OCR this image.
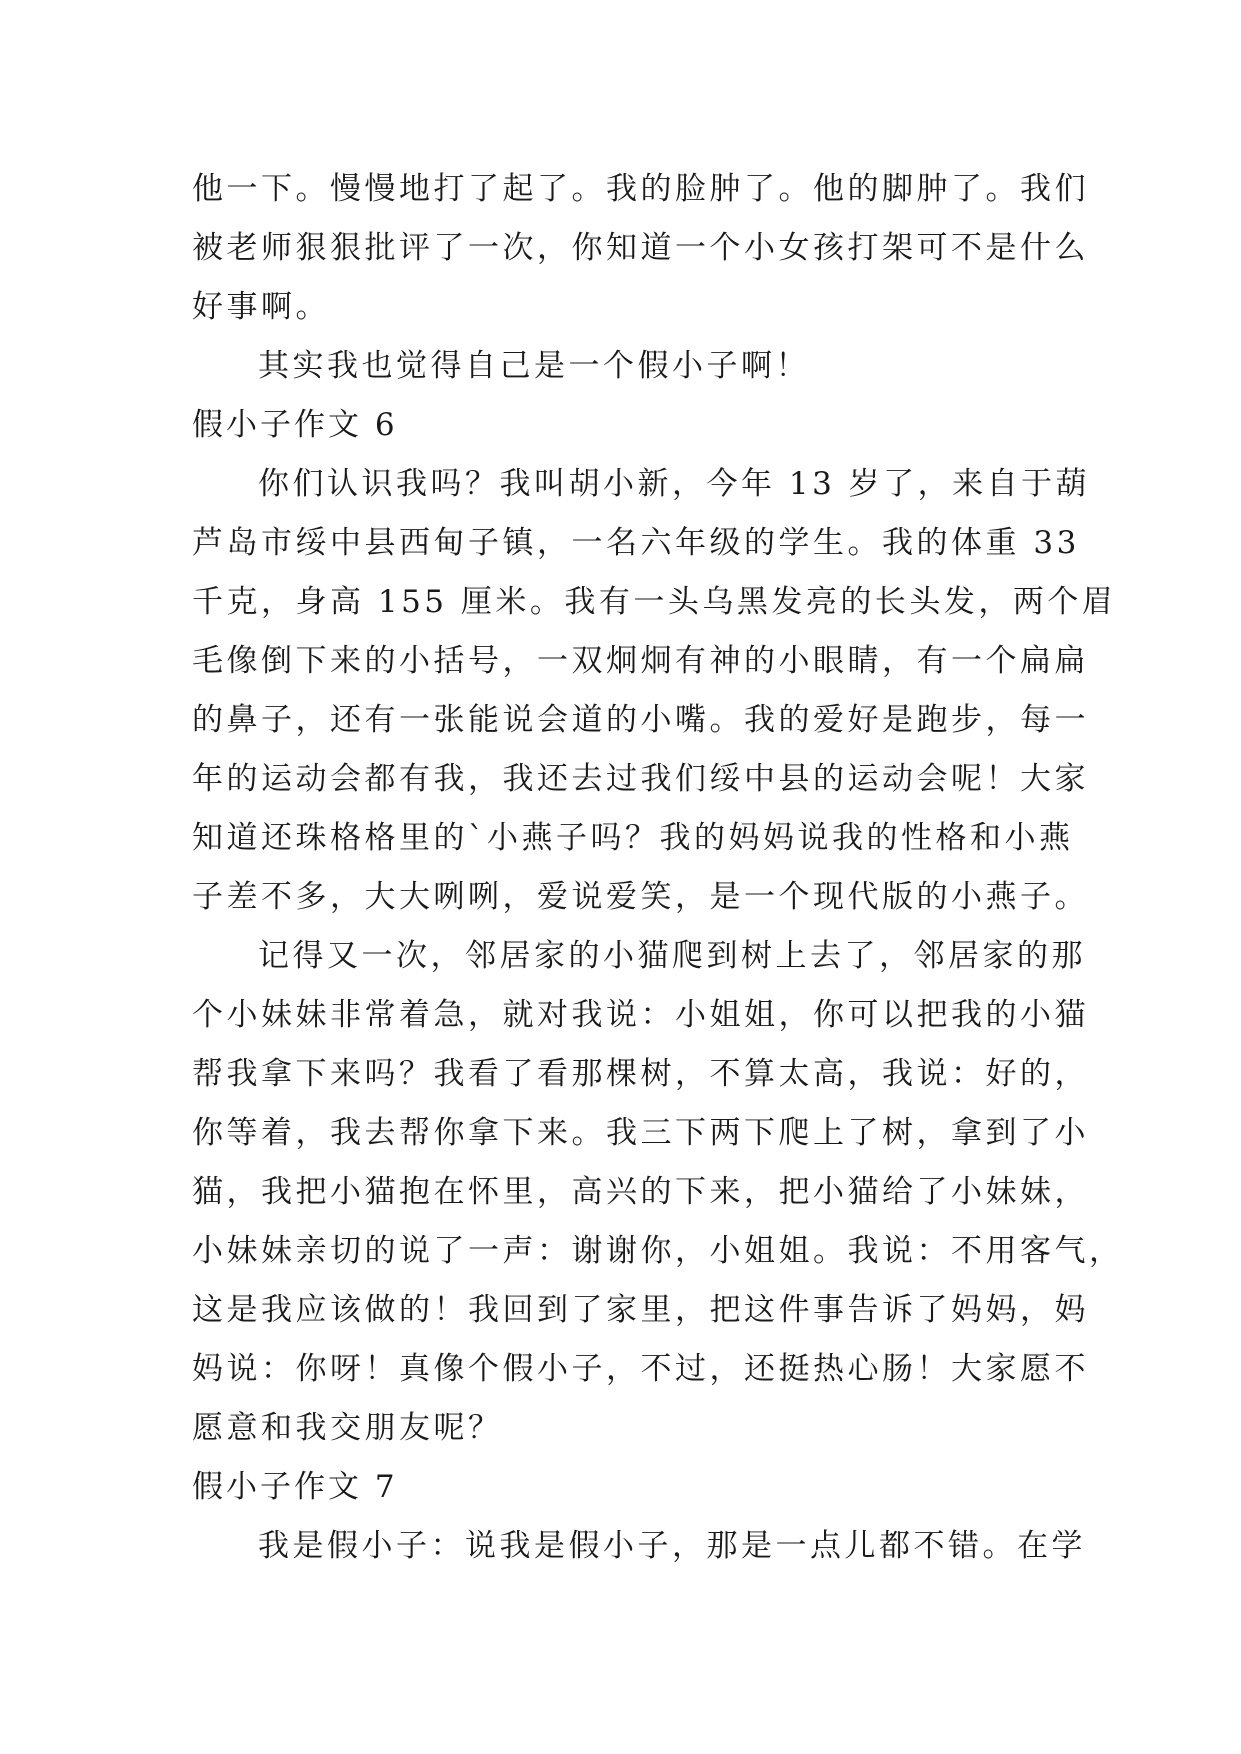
他一下。慢慢地打了起了。我的脸肿了。他的脚肿了。我们
被老师狠狠批评了一次，你知道一个小女孩打架可不是什么
好事啊。
其实我也觉得自己是一个假小子啊！
假小子作文 6
你们认识我吗？我叫胡小新，今年 13 岁了，来自于葫
芦岛市绥中县西甸子镇，一名六年级的学生。我的体重 33
千克，身高 155 厘米。我有一头乌黑发亮的长头发，两个眉
毛像倒下来的小括号，一双炯炯有神的小眼睛，有一个扁扁
的鼻子，还有一张能说会道的小嘴。我的爱好是跑步，每一
年的运动会都有我，我还去过我们绥中县的运动会呢！大家
知道还珠格格里的`小燕子吗？我的妈妈说我的性格和小燕
子差不多，大大咧咧，爱说爱笑，是一个现代版的小燕子。
记得又一次，邻居家的小猫爬到树上去了，邻居家的那
个小妹妹非常着急，就对我说：小姐姐，你可以把我的小猫
帮我拿下来吗？我看了看那棵树，不算太高，我说：好的，
你等着，我去帮你拿下来。我三下两下爬上了树，拿到了小
猫，我把小猫抱在怀里，高兴的下来，把小猫给了小妹妹，
小妹妹亲切的说了一声：谢谢你，小姐姐。我说：不用客气，
这是我应该做的！我回到了家里，把这件事告诉了妈妈，妈
妈说：你呀！真像个假小子，不过，还挺热心肠！大家愿不
愿意和我交朋友呢？
假小子作文 7
我是假小子：说我是假小子，那是一点儿都不错。在学
